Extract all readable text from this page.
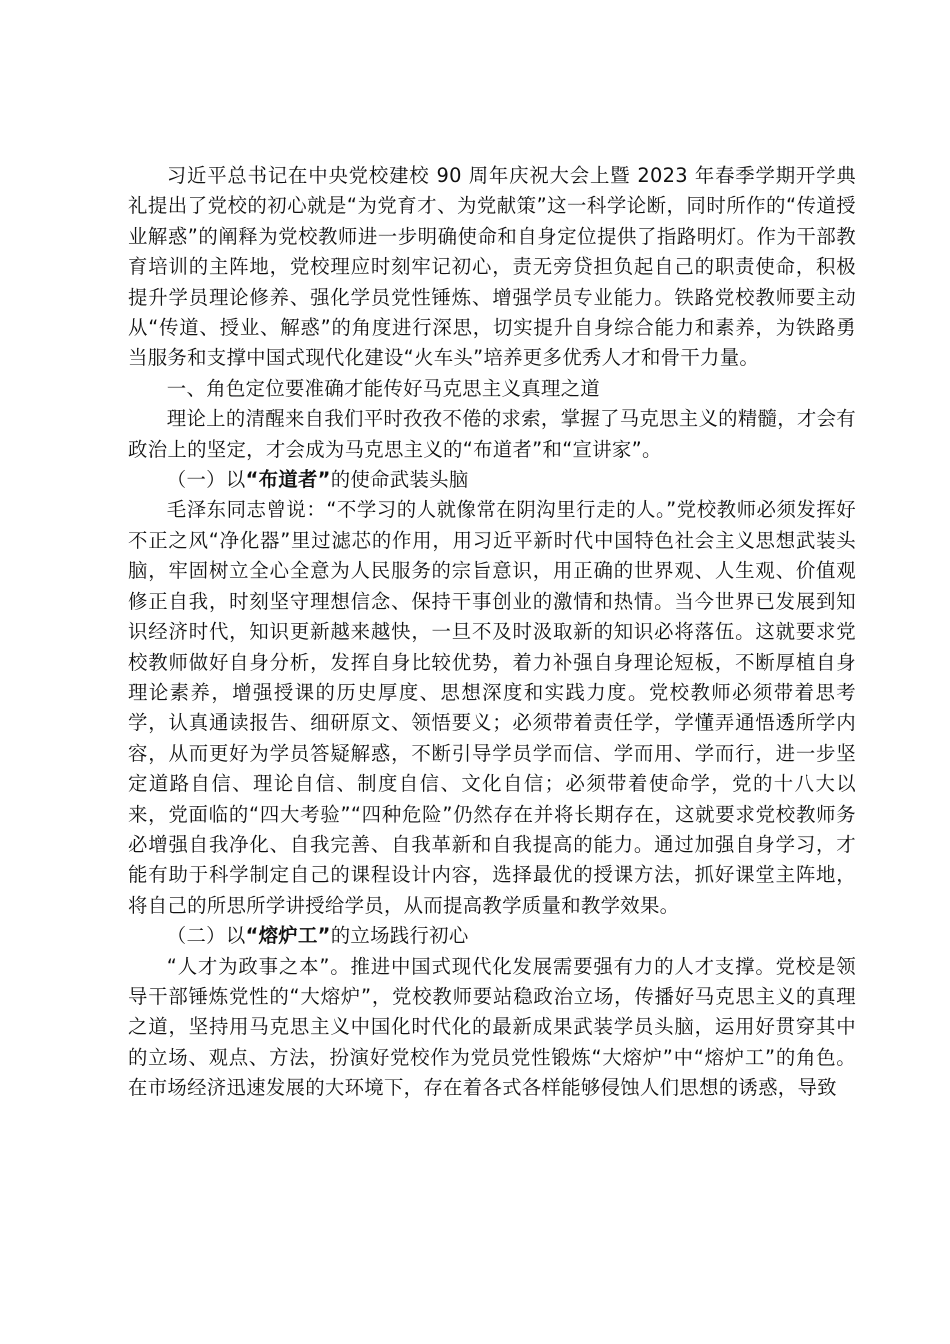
习近平总书记在中央党校建校 90 周年庆祝大会上暨 2023 年春季学期开学典礼提出了党校的初心就是“为党育才、为党献策”这一科学论断，同时所作的“传道授业解惑”的阐释为党校教师进一步明确使命和自身定位提供了指路明灯。作为干部教育培训的主阵地，党校理应时刻牢记初心，责无旁贷担负起自己的职责使命，积极提升学员理论修养、强化学员党性锤炼、增强学员专业能力。铁路党校教师要主动从“传道、授业、解惑”的角度进行深思，切实提升自身综合能力和素养，为铁路勇当服务和支撑中国式现代化建设“火车头”培养更多优秀人才和骨干力量。

一、角色定位要准确才能传好马克思主义真理之道

理论上的清醒来自我们平时孜孜不倦的求索，掌握了马克思主义的精髓，才会有政治上的坚定，才会成为马克思主义的“布道者”和“宣讲家”。

（一）以“布道者”的使命武装头脑

毛泽东同志曾说：“不学习的人就像常在阴沟里行走的人。”党校教师必须发挥好不正之风“净化器”里过滤芯的作用，用习近平新时代中国特色社会主义思想武装头脑，牢固树立全心全意为人民服务的宗旨意识，用正确的世界观、人生观、价值观修正自我，时刻坚守理想信念、保持干事创业的激情和热情。当今世界已发展到知识经济时代，知识更新越来越快，一旦不及时汲取新的知识必将落伍。这就要求党校教师做好自身分析，发挥自身比较优势，着力补强自身理论短板，不断厚植自身理论素养，增强授课的历史厚度、思想深度和实践力度。党校教师必须带着思考学，认真通读报告、细研原文、领悟要义；必须带着责任学，学懂弄通悟透所学内容，从而更好为学员答疑解惑，不断引导学员学而信、学而用、学而行，进一步坚定道路自信、理论自信、制度自信、文化自信；必须带着使命学，党的十八大以来，党面临的“四大考验”“四种危险”仍然存在并将长期存在，这就要求党校教师务必增强自我净化、自我完善、自我革新和自我提高的能力。通过加强自身学习，才能有助于科学制定自己的课程设计内容，选择最优的授课方法，抓好课堂主阵地，将自己的所思所学讲授给学员，从而提高教学质量和教学效果。

（二）以“熔炉工”的立场践行初心

“人才为政事之本”。推进中国式现代化发展需要强有力的人才支撑。党校是领导干部锤炼党性的“大熔炉”，党校教师要站稳政治立场，传播好马克思主义的真理之道，坚持用马克思主义中国化时代化的最新成果武装学员头脑，运用好贯穿其中的立场、观点、方法，扮演好党校作为党员党性锻炼“大熔炉”中“熔炉工”的角色。在市场经济迅速发展的大环境下，存在着各式各样能够侵蚀人们思想的诱惑，导致
